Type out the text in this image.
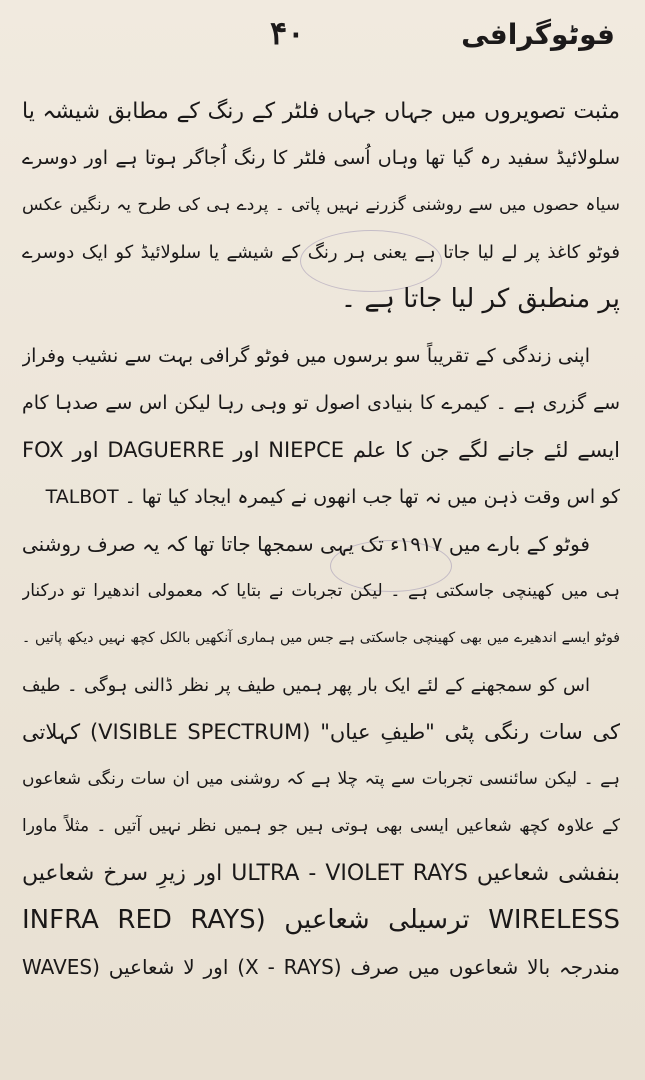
۴۰	فوٹوگرافی
مثبت تصویروں میں جہاں جہاں فلٹر کے رنگ کے مطابق شیشہ یا
سلولائیڈ سفید رہ گیا تھا وہاں اُسی فلٹر کا رنگ اُجاگر ہوتا ہے اور دوسرے
سیاہ حصوں میں سے روشنی گزرنے نہیں پاتی ۔ پردے ہی کی طرح یہ رنگین عکس
فوٹو کاغذ پر لے لیا جاتا ہے یعنی ہر رنگ کے شیشے یا سلولائیڈ کو ایک دوسرے
پر منطبق کر لیا جاتا ہے ۔
اپنی زندگی کے تقریباً سو برسوں میں فوٹو گرافی بہت سے نشیب وفراز
سے گزری ہے ۔ کیمرے کا بنیادی اصول تو وہی رہا لیکن اس سے صدہا کام
ایسے لئے جانے لگے جن کا علم NIEPCE اور DAGUERRE اور FOX
TALBOT کو اس وقت ذہن میں نہ تھا جب انھوں نے کیمرہ ایجاد کیا تھا ۔
فوٹو کے بارے میں ١٩١٧ء تک یہی سمجھا جاتا تھا کہ یہ صرف روشنی
ہی میں کھینچی جاسکتی ہے ۔ لیکن تجربات نے بتایا کہ معمولی اندھیرا تو درکنار
فوٹو ایسے اندھیرے میں بھی کھینچی جاسکتی ہے جس میں ہماری آنکھیں بالکل کچھ نہیں دیکھ پاتیں ۔
اس کو سمجھنے کے لئے ایک بار پھر ہمیں طیف پر نظر ڈالنی ہوگی ۔ طیف
کی سات رنگی پٹی "طیفِ عیاں" (VISIBLE SPECTRUM) کہلاتی
ہے ۔ لیکن سائنسی تجربات سے پتہ چلا ہے کہ روشنی میں ان سات رنگی شعاعوں
کے علاوہ کچھ شعاعیں ایسی بھی ہوتی ہیں جو ہمیں نظر نہیں آتیں ۔ مثلاً ماورا
بنفشی شعاعیں ULTRA - VIOLET RAYS اور زیرِ سرخ شعاعیں
INFRA RED RAYS) ترسیلی شعاعیں WIRELESS
WAVES) اور لا شعاعیں (X - RAYS) مندرجہ بالا شعاعوں میں صرف
